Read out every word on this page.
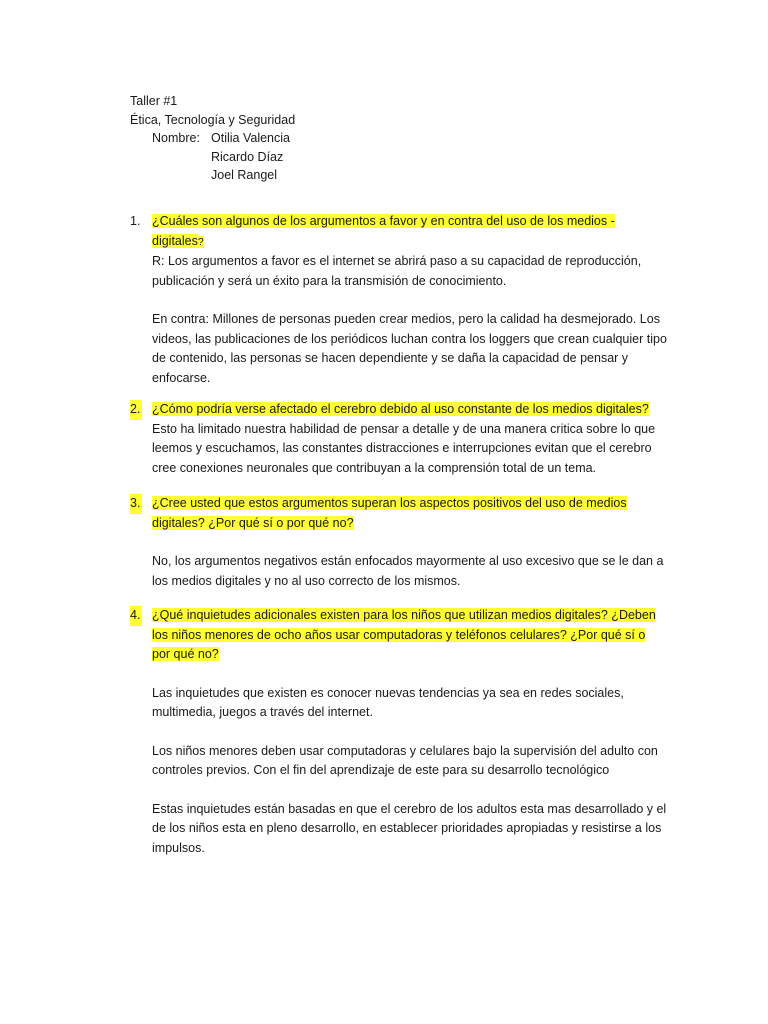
Taller #1
Ética, Tecnología y Seguridad
Nombre: Otilia Valencia
Ricardo Díaz
Joel Rangel
1. ¿Cuáles son algunos de los argumentos a favor y en contra del uso de los medios -
digitales?

R: Los argumentos a favor es el internet se abrirá paso a su capacidad de reproducción, publicación y será un éxito para la transmisión de conocimiento.

En contra: Millones de personas pueden crear medios, pero la calidad ha desmejorado. Los videos, las publicaciones de los periódicos luchan contra los loggers que crean cualquier tipo de contenido, las personas se hacen dependiente y se daña la capacidad de pensar y enfocarse.

2. ¿Cómo podría verse afectado el cerebro debido al uso constante de los medios digitales?

Esto ha limitado nuestra habilidad de pensar a detalle y de una manera critica sobre lo que leemos y escuchamos, las constantes distracciones e interrupciones evitan que el cerebro cree conexiones neuronales que contribuyan a la comprensión total de un tema.

3. ¿Cree usted que estos argumentos superan los aspectos positivos del uso de medios
digitales? ¿Por qué sí o por qué no?

No, los argumentos negativos están enfocados mayormente al uso excesivo que se le dan a los medios digitales y no al uso correcto de los mismos.

4. ¿Qué inquietudes adicionales existen para los niños que utilizan medios digitales? ¿Deben
los niños menores de ocho años usar computadoras y teléfonos celulares? ¿Por qué sí o
por qué no?

Las inquietudes que existen es conocer nuevas tendencias ya sea en redes sociales, multimedia, juegos a través del internet.

Los niños menores deben usar computadoras y celulares bajo la supervisión del adulto con controles previos. Con el fin del aprendizaje de este para su desarrollo tecnológico

Estas inquietudes están basadas en que el cerebro de los adultos esta mas desarrollado y el de los niños esta en pleno desarrollo, en establecer prioridades apropiadas y resistirse a los impulsos.
